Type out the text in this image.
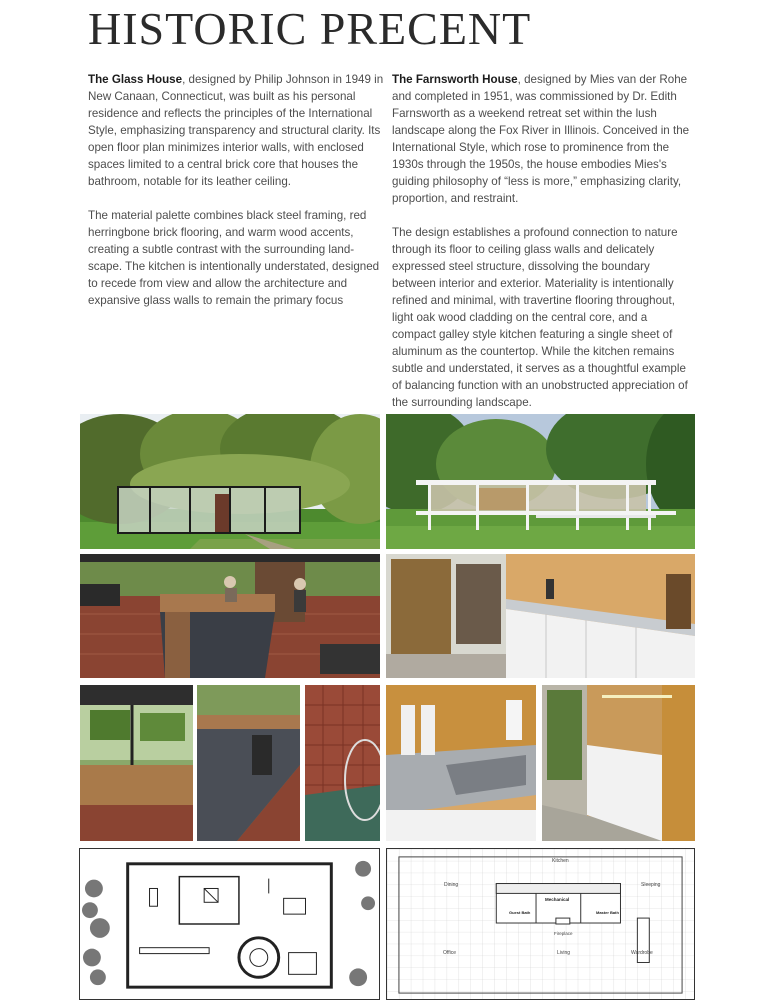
HISTORIC PRECENT

The Glass House, designed by Philip Johnson in 1949 in New Canaan, Connecticut, was built as his personal residence and reflects the principles of the International Style, emphasizing transparency and structural clarity. Its open floor plan minimizes interior walls, with enclosed spaces limited to a central brick core that houses the bathroom, notable for its leather ceiling.

The material palette combines black steel framing, red herringbone brick flooring, and warm wood accents, creating a subtle contrast with the surrounding land-scape. The kitchen is intentionally understated, designed to recede from view and allow the architecture and expansive glass walls to remain the primary focus

The Farnsworth House, designed by Mies van der Rohe and completed in 1951, was commissioned by Dr. Edith Farnsworth as a weekend retreat set within the lush landscape along the Fox River in Illinois. Conceived in the International Style, which rose to prominence from the 1930s through the 1950s, the house embodies Mies's guiding philosophy of “less is more,” emphasizing clarity, proportion, and restraint.

The design establishes a profound connection to nature through its floor to ceiling glass walls and delicately expressed steel structure, dissolving the boundary between interior and exterior. Materiality is intentionally refined and minimal, with travertine flooring throughout, light oak wood cladding on the central core, and a compact galley style kitchen featuring a single sheet of aluminum as the countertop. While the kitchen remains subtle and understated, it serves as a thoughtful example of balancing function with an unobstructed appreciation of the surrounding landscape.

Kitchen
Dining	Sleeping
Mechanical
Guest Bath	Master Bath
Fireplace
Office	Living	Wardrobe
